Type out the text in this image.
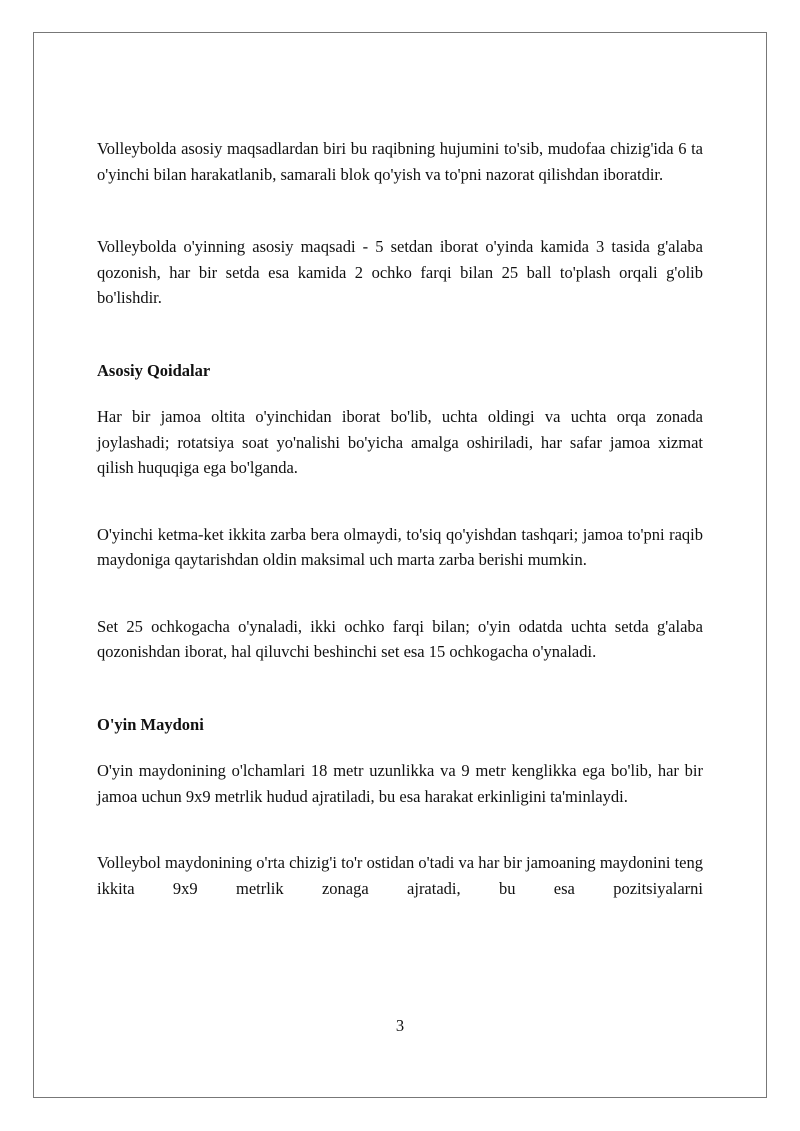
Volleybolda asosiy maqsadlardan biri bu raqibning hujumini to'sib, mudofaa chizig'ida 6 ta o'yinchi bilan harakatlanib, samarali blok qo'yish va to'pni nazorat qilishdan iboratdir.

Volleybolda o'yinning asosiy maqsadi - 5 setdan iborat o'yinda kamida 3 tasida g'alaba qozonish, har bir setda esa kamida 2 ochko farqi bilan 25 ball to'plash orqali g'olib bo'lishdir.

Asosiy Qoidalar

Har bir jamoa oltita o'yinchidan iborat bo'lib, uchta oldingi va uchta orqa zonada joylashadi; rotatsiya soat yo'nalishi bo'yicha amalga oshiriladi, har safar jamoa xizmat qilish huquqiga ega bo'lganda.

O'yinchi ketma-ket ikkita zarba bera olmaydi, to'siq qo'yishdan tashqari; jamoa to'pni raqib maydoniga qaytarishdan oldin maksimal uch marta zarba berishi mumkin.

Set 25 ochkogacha o'ynaladi, ikki ochko farqi bilan; o'yin odatda uchta setda g'alaba qozonishdan iborat, hal qiluvchi beshinchi set esa 15 ochkogacha o'ynaladi.

O'yin Maydoni

O'yin maydonining o'lchamlari 18 metr uzunlikka va 9 metr kenglikka ega bo'lib, har bir jamoa uchun 9x9 metrlik hudud ajratiladi, bu esa harakat erkinligini ta'minlaydi.

Volleybol maydonining o'rta chizig'i to'r ostidan o'tadi va har bir jamoaning maydonini teng ikkita 9x9 metrlik zonaga ajratadi, bu esa pozitsiyalarni

3
